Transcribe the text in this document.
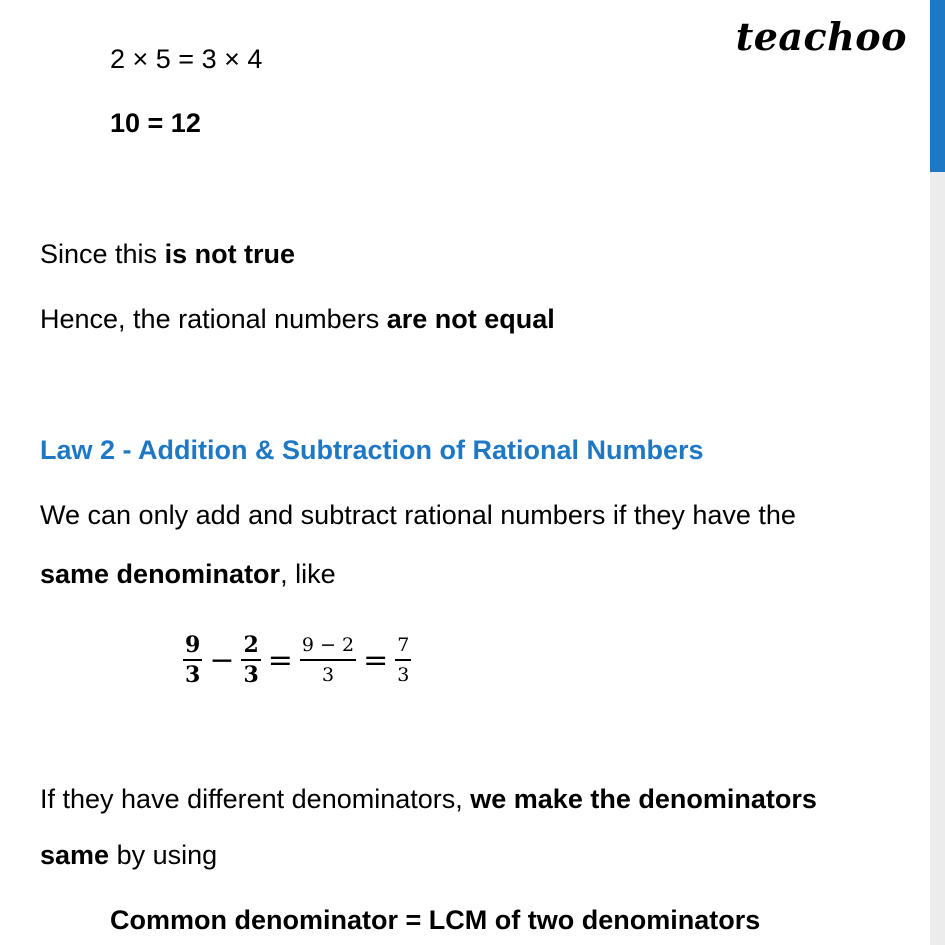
teachoo
2 × 5 = 3 × 4
10 = 12
Since this is not true
Hence, the rational numbers are not equal
Law 2 - Addition & Subtraction of Rational Numbers
We can only add and subtract rational numbers if they have the
same denominator, like
$\frac{9}{3} - \frac{2}{3} = \frac{9 - 2}{3} = \frac{7}{3}$
If they have different denominators, we make the denominators
same by using
Common denominator = LCM of two denominators
